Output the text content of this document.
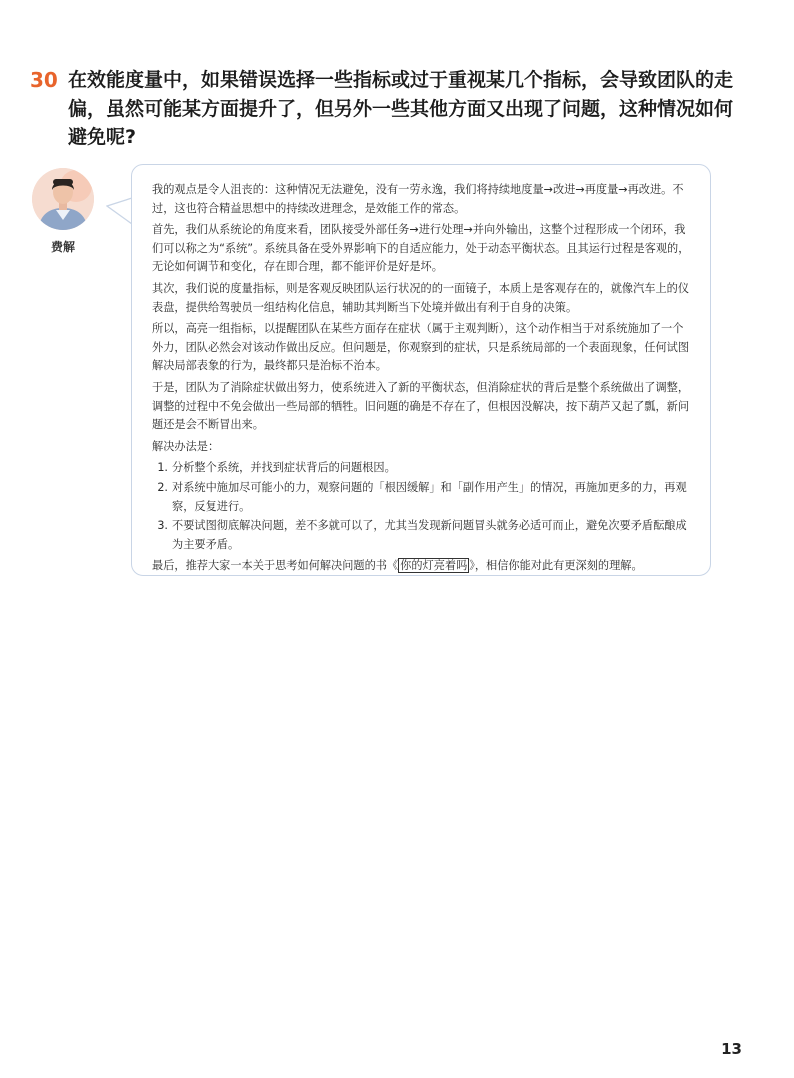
30 在效能度量中，如果错误选择一些指标或过于重视某几个指标，会导致团队的走偏，虽然可能某方面提升了，但另外一些其他方面又出现了问题，这种情况如何避免呢?
费解

我的观点是令人沮丧的：这种情况无法避免，没有一劳永逸，我们将持续地度量→改进→再度量→再改进。不过，这也符合精益思想中的持续改进理念，是效能工作的常态。

首先，我们从系统论的角度来看，团队接受外部任务→进行处理→并向外输出，这整个过程形成一个闭环，我们可以称之为“系统”。系统具备在受外界影响下的自适应能力，处于动态平衡状态。且其运行过程是客观的，无论如何调节和变化，存在即合理，都不能评价是好是坏。

其次，我们说的度量指标，则是客观反映团队运行状况的的一面镜子，本质上是客观存在的，就像汽车上的仪表盘，提供给驾驶员一组结构化信息，辅助其判断当下处境并做出有利于自身的决策。

所以，高亮一组指标，以提醒团队在某些方面存在症状（属于主观判断），这个动作相当于对系统施加了一个外力，团队必然会对该动作做出反应。但问题是，你观察到的症状，只是系统局部的一个表面现象，任何试图解决局部表象的行为，最终都只是治标不治本。

于是，团队为了消除症状做出努力，使系统进入了新的平衡状态，但消除症状的背后是整个系统做出了调整，调整的过程中不免会做出一些局部的牺牲。旧问题的确是不存在了，但根因没解决，按下葫芦又起了瓢，新问题还是会不断冒出来。

解决办法是：

1. 分析整个系统，并找到症状背后的问题根因。
2. 对系统中施加尽可能小的力，观察问题的「根因缓解」和「副作用产生」的情况，再施加更多的力，再观察，反复进行。
3. 不要试图彻底解决问题，差不多就可以了，尤其当发现新问题冒头就务必适可而止，避免次要矛盾酝酿成为主要矛盾。

最后，推荐大家一本关于思考如何解决问题的书《 你的灯亮着吗 》，相信你能对此有更深刻的理解。

13
